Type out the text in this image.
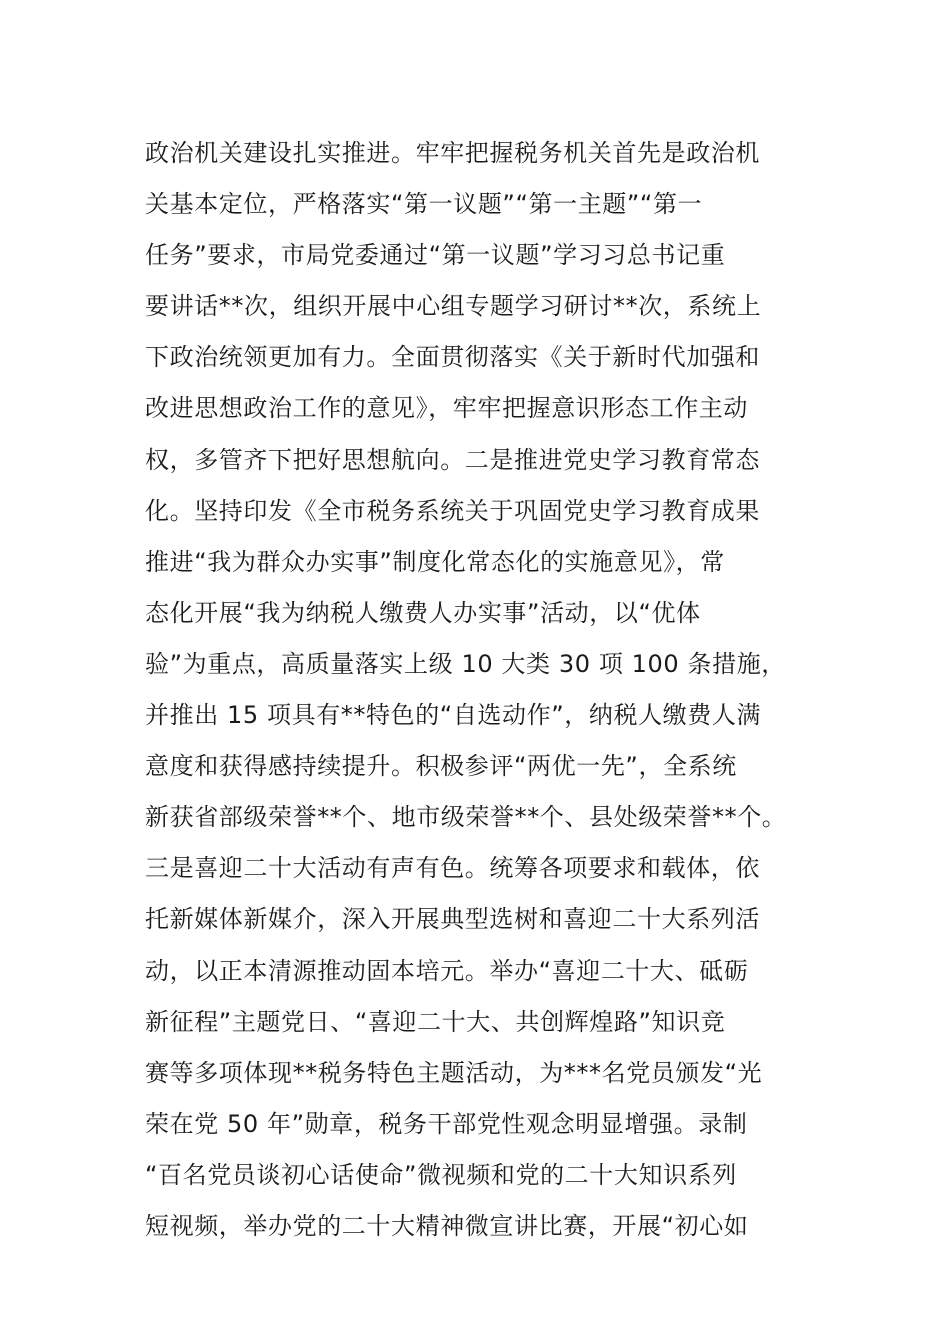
政治机关建设扎实推进。牢牢把握税务机关首先是政治机
关基本定位，严格落实“第一议题”“第一主题”“第一
任务”要求，市局党委通过“第一议题”学习习总书记重
要讲话**次，组织开展中心组专题学习研讨**次，系统上
下政治统领更加有力。全面贯彻落实《关于新时代加强和
改进思想政治工作的意见》，牢牢把握意识形态工作主动
权，多管齐下把好思想航向。二是推进党史学习教育常态
化。坚持印发《全市税务系统关于巩固党史学习教育成果
推进“我为群众办实事”制度化常态化的实施意见》，常
态化开展“我为纳税人缴费人办实事”活动，以“优体
验”为重点，高质量落实上级 10 大类 30 项 100 条措施，
并推出 15 项具有**特色的“自选动作”，纳税人缴费人满
意度和获得感持续提升。积极参评“两优一先”，全系统
新获省部级荣誉**个、地市级荣誉**个、县处级荣誉**个。
三是喜迎二十大活动有声有色。统筹各项要求和载体，依
托新媒体新媒介，深入开展典型选树和喜迎二十大系列活
动，以正本清源推动固本培元。举办“喜迎二十大、砥砺
新征程”主题党日、“喜迎二十大、共创辉煌路”知识竞
赛等多项体现**税务特色主题活动，为***名党员颁发“光
荣在党 50 年”勋章，税务干部党性观念明显增强。录制
“百名党员谈初心话使命”微视频和党的二十大知识系列
短视频，举办党的二十大精神微宣讲比赛，开展“初心如
